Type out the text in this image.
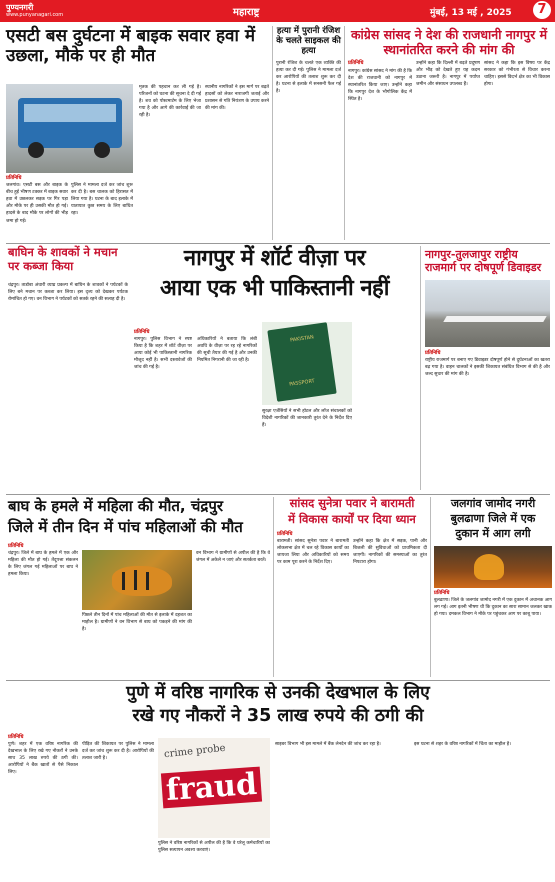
पुण्यनगरी
www.punyanagari.com	महाराष्ट्र	मुंबई, 13 मई , 2025	7
एसटी बस दुर्घटना में बाइक सवार हवा में उछला, मौके पर ही मौत
प्रतिनिधि
जलगांव। एसटी बस और बाइक के बीच हुई भीषण टक्कर में बाइक सवार हवा में उछलकर सड़क पर गिर पड़ा और मौके पर ही उसकी मौत हो गई। हादसे के बाद मौके पर लोगों की भीड़ जमा हो गई।
पुलिस ने मामला दर्ज कर जांच शुरू कर दी है। बस चालक को हिरासत में लिया गया है। घटना के बाद इलाके में यातायात कुछ समय के लिए बाधित रहा।
मृतक की पहचान कर ली गई है। परिजनों को घटना की सूचना दे दी गई है। शव को पोस्टमार्टम के लिए भेजा गया है और आगे की कार्रवाई की जा रही है।
स्थानीय नागरिकों ने इस मार्ग पर बढ़ते हादसों को लेकर नाराजगी जताई और प्रशासन से गति नियंत्रण के उपाय करने की मांग की।
हत्या में पुरानी रंजिश के चलते साइकल की हत्या
पुरानी रंजिश के चलते एक व्यक्ति की हत्या कर दी गई। पुलिस ने मामला दर्ज कर आरोपियों की तलाश शुरू कर दी है। घटना से इलाके में सनसनी फैल गई है।
कांग्रेस सांसद ने देश की राजधानी नागपुर में स्थानांतरित करने की मांग की
प्रतिनिधि
नागपुर। कांग्रेस सांसद ने मांग की है कि देश की राजधानी को नागपुर में स्थानांतरित किया जाए। उन्होंने कहा कि नागपुर देश के भौगोलिक केंद्र में स्थित है।
उन्होंने कहा कि दिल्ली में बढ़ते प्रदूषण और भीड़ को देखते हुए यह कदम उठाना जरूरी है। नागपुर में पर्याप्त जमीन और संसाधन उपलब्ध हैं।
सांसद ने कहा कि इस विषय पर केंद्र सरकार को गंभीरता से विचार करना चाहिए। इससे विदर्भ क्षेत्र का भी विकास होगा।
बाघिन के शावकों ने मचान पर कब्जा किया
चंद्रपुर। ताडोबा अंधारी व्याघ्र प्रकल्प में बाघिन के शावकों ने पर्यटकों के लिए बने मचान पर कब्जा कर लिया। इस दृश्य को देखकर पर्यटक रोमांचित हो गए। वन विभाग ने पर्यटकों को सतर्क रहने की सलाह दी है।
नागपुर में शॉर्ट वीज़ा पर
आया एक भी पाकिस्तानी नहीं
प्रतिनिधि
नागपुर। पुलिस विभाग ने स्पष्ट किया है कि शहर में शॉर्ट वीज़ा पर आया कोई भी पाकिस्तानी नागरिक मौजूद नहीं है। सभी दस्तावेजों की जांच की गई है।
अधिकारियों ने बताया कि लंबी अवधि के वीज़ा पर रह रहे नागरिकों की सूची तैयार की गई है और उनकी नियमित निगरानी की जा रही है।
PAKISTAN
PASSPORT
सुरक्षा एजेंसियों ने सभी होटल और लॉज संचालकों को विदेशी नागरिकों की जानकारी तुरंत देने के निर्देश दिए हैं।
नागपुर-तुलजापुर राष्ट्रीय राजमार्ग पर दोषपूर्ण डिवाइडर
प्रतिनिधि
राष्ट्रीय राजमार्ग पर बनाए गए डिवाइडर दोषपूर्ण होने से दुर्घटनाओं का खतरा बढ़ गया है। वाहन चालकों ने इसकी शिकायत संबंधित विभाग से की है और जल्द सुधार की मांग की है।
बाघ के हमले में महिला की मौत, चंद्रपुर
जिले में तीन दिन में पांच महिलाओं की मौत
प्रतिनिधि
चंद्रपुर। जिले में बाघ के हमले में एक और महिला की मौत हो गई। तेंदूपत्ता संकलन के लिए जंगल गई महिलाओं पर बाघ ने हमला किया।
पिछले तीन दिनों में पांच महिलाओं की मौत से इलाके में दहशत का माहौल है। ग्रामीणों ने वन विभाग से बाघ को पकड़ने की मांग की है।
वन विभाग ने ग्रामीणों से अपील की है कि वे जंगल में अकेले न जाएं और सतर्कता बरतें।
सांसद सुनेत्रा पवार ने बारामती
में विकास कार्यों पर दिया ध्यान
प्रतिनिधि
बारामती। सांसद सुनेत्रा पवार ने बारामती लोकसभा क्षेत्र में चल रहे विकास कार्यों का जायजा लिया और अधिकारियों को समय पर काम पूरा करने के निर्देश दिए।
उन्होंने कहा कि क्षेत्र में सड़क, पानी और बिजली की सुविधाओं को प्राथमिकता दी जाएगी। नागरिकों की समस्याओं का तुरंत निपटारा होगा।
जलगांव जामोद नगरी
बुलढाणा जिले में एक
दुकान में आग लगी
प्रतिनिधि
बुलढाणा। जिले के जलगांव जामोद नगरी में एक दुकान में अचानक आग लग गई। आग इतनी भीषण थी कि दुकान का सारा सामान जलकर खाक हो गया। दमकल विभाग ने मौके पर पहुंचकर आग पर काबू पाया।
पुणे में वरिष्ठ नागरिक से उनकी देखभाल के लिए
रखे गए नौकरों ने 35 लाख रुपये की ठगी की
प्रतिनिधि
पुणे। शहर में एक वरिष्ठ नागरिक की देखभाल के लिए रखे गए नौकरों ने उनके साथ 35 लाख रुपये की ठगी की। आरोपियों ने बैंक खातों से पैसे निकाल लिए।
पीड़ित की शिकायत पर पुलिस ने मामला दर्ज कर जांच शुरू कर दी है। आरोपियों की तलाश जारी है।	crime probe
fraud
पुलिस ने वरिष्ठ नागरिकों से अपील की है कि वे घरेलू कर्मचारियों का पुलिस सत्यापन अवश्य करवाएं।
साइबर विभाग भी इस मामले में बैंक लेनदेन की जांच कर रहा है।	इस घटना से शहर के वरिष्ठ नागरिकों में चिंता का माहौल है।
